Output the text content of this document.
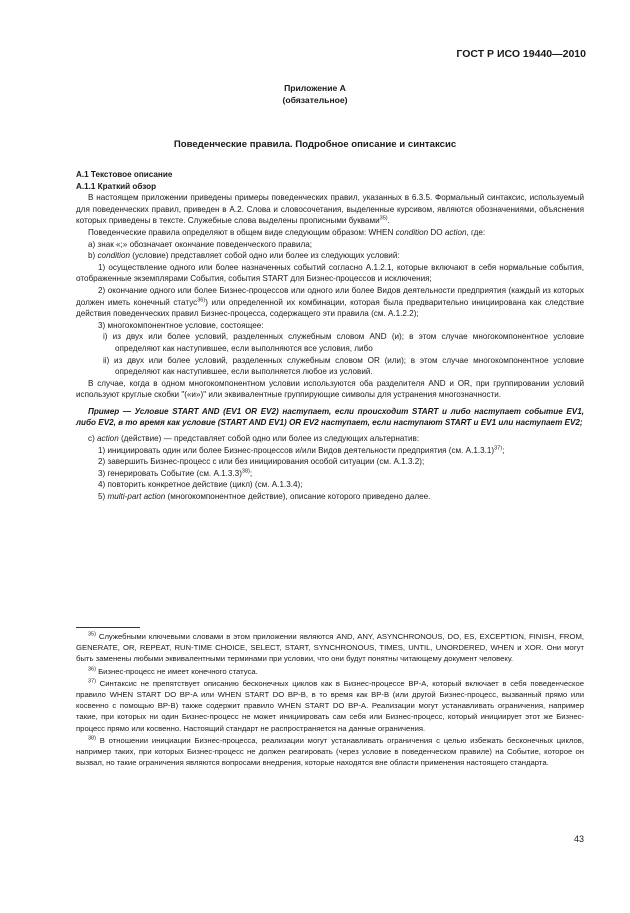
ГОСТ Р ИСО 19440—2010
Приложение А
(обязательное)
Поведенческие правила. Подробное описание и синтаксис

А.1 Текстовое описание

А.1.1 Краткий обзор

В настоящем приложении приведены примеры поведенческих правил, указанных в 6.3.5. Формальный синтаксис, используемый для поведенческих правил, приведен в А.2. Слова и словосочетания, выделенные курсивом, являются обозначениями, объяснения которых приведены в тексте. Служебные слова выделены прописными буквами$^{35)}$.

Поведенческие правила определяют в общем виде следующим образом: WHEN condition DO action, где:

a) знак «;» обозначает окончание поведенческого правила;

b) condition (условие) представляет собой одно или более из следующих условий:

1) осуществление одного или более назначенных событий согласно А.1.2.1, которые включают в себя нормальные события, отображенные экземплярами События, события START для Бизнес-процессов и исключения;

2) окончание одного или более Бизнес-процессов или одного или более Видов деятельности предприятия (каждый из которых должен иметь конечный статус$^{36)}$) или определенной их комбинации, которая была предварительно инициирована как следствие действия поведенческих правил Бизнес-процесса, содержащего эти правила (см. А.1.2.2);

3) многокомпонентное условие, состоящее:

i) из двух или более условий, разделенных служебным словом AND (и); в этом случае многокомпонентное условие определяют как наступившее, если выполняются все условия, либо

ii) из двух или более условий, разделенных служебным словом OR (или); в этом случае многокомпонентное условие определяют как наступившее, если выполняется любое из условий.

В случае, когда в одном многокомпонентном условии используются оба разделителя AND и OR, при группировании условий используют круглые скобки "(«и»)" или эквивалентные группирующие символы для устранения многозначности.

Пример — Условие START AND (EV1 OR EV2) наступает, если происходит START и либо наступает событие EV1, либо EV2, в то время как условие (START AND EV1) OR EV2 наступает, если наступают START и EV1 или наступает EV2;

c) action (действие) — представляет собой одно или более из следующих альтернатив:

1) инициировать один или более Бизнес-процессов и/или Видов деятельности предприятия (см. А.1.3.1)$^{37)}$;

2) завершить Бизнес-процесс с или без инициирования особой ситуации (см. А.1.3.2);

3) генерировать Событие (см. А.1.3.3)$^{38)}$;

4) повторить конкретное действие (цикл) (см. А.1.3.4);

5) multi-part action (многокомпонентное действие), описание которого приведено далее.

$^{35)}$ Служебными ключевыми словами в этом приложении являются AND, ANY, ASYNCHRONOUS, DO, ES, EXCEPTION, FINISH, FROM, GENERATE, OR, REPEAT, RUN-TIME CHOICE, SELECT, START, SYNCHRONOUS, TIMES, UNTIL, UNORDERED, WHEN и XOR. Они могут быть заменены любыми эквивалентными терминами при условии, что они будут понятны читающему документ человеку.

$^{36)}$ Бизнес-процесс не имеет конечного статуса.

$^{37)}$ Синтаксис не препятствует описанию бесконечных циклов как в Бизнес-процессе ВР-А, который включает в себя поведенческое правило WHEN START DO BP-A или WHEN START DO BP-B, в то время как ВР-В (или другой Бизнес-процесс, вызванный прямо или косвенно с помощью ВР-В) также содержит правило WHEN START DO BP-A. Реализации могут устанавливать ограничения, например такие, при которых ни один Бизнес-процесс не может инициировать сам себя или Бизнес-процесс, который инициирует этот же Бизнес-процесс прямо или косвенно. Настоящий стандарт не распространяется на данные ограничения.

$^{38)}$ В отношении инициации Бизнес-процесса, реализации могут устанавливать ограничения с целью избежать бесконечных циклов, например таких, при которых Бизнес-процесс не должен реагировать (через условие в поведенческом правиле) на Событие, которое он вызвал, но такие ограничения являются вопросами внедрения, которые находятся вне области применения настоящего стандарта.

43
